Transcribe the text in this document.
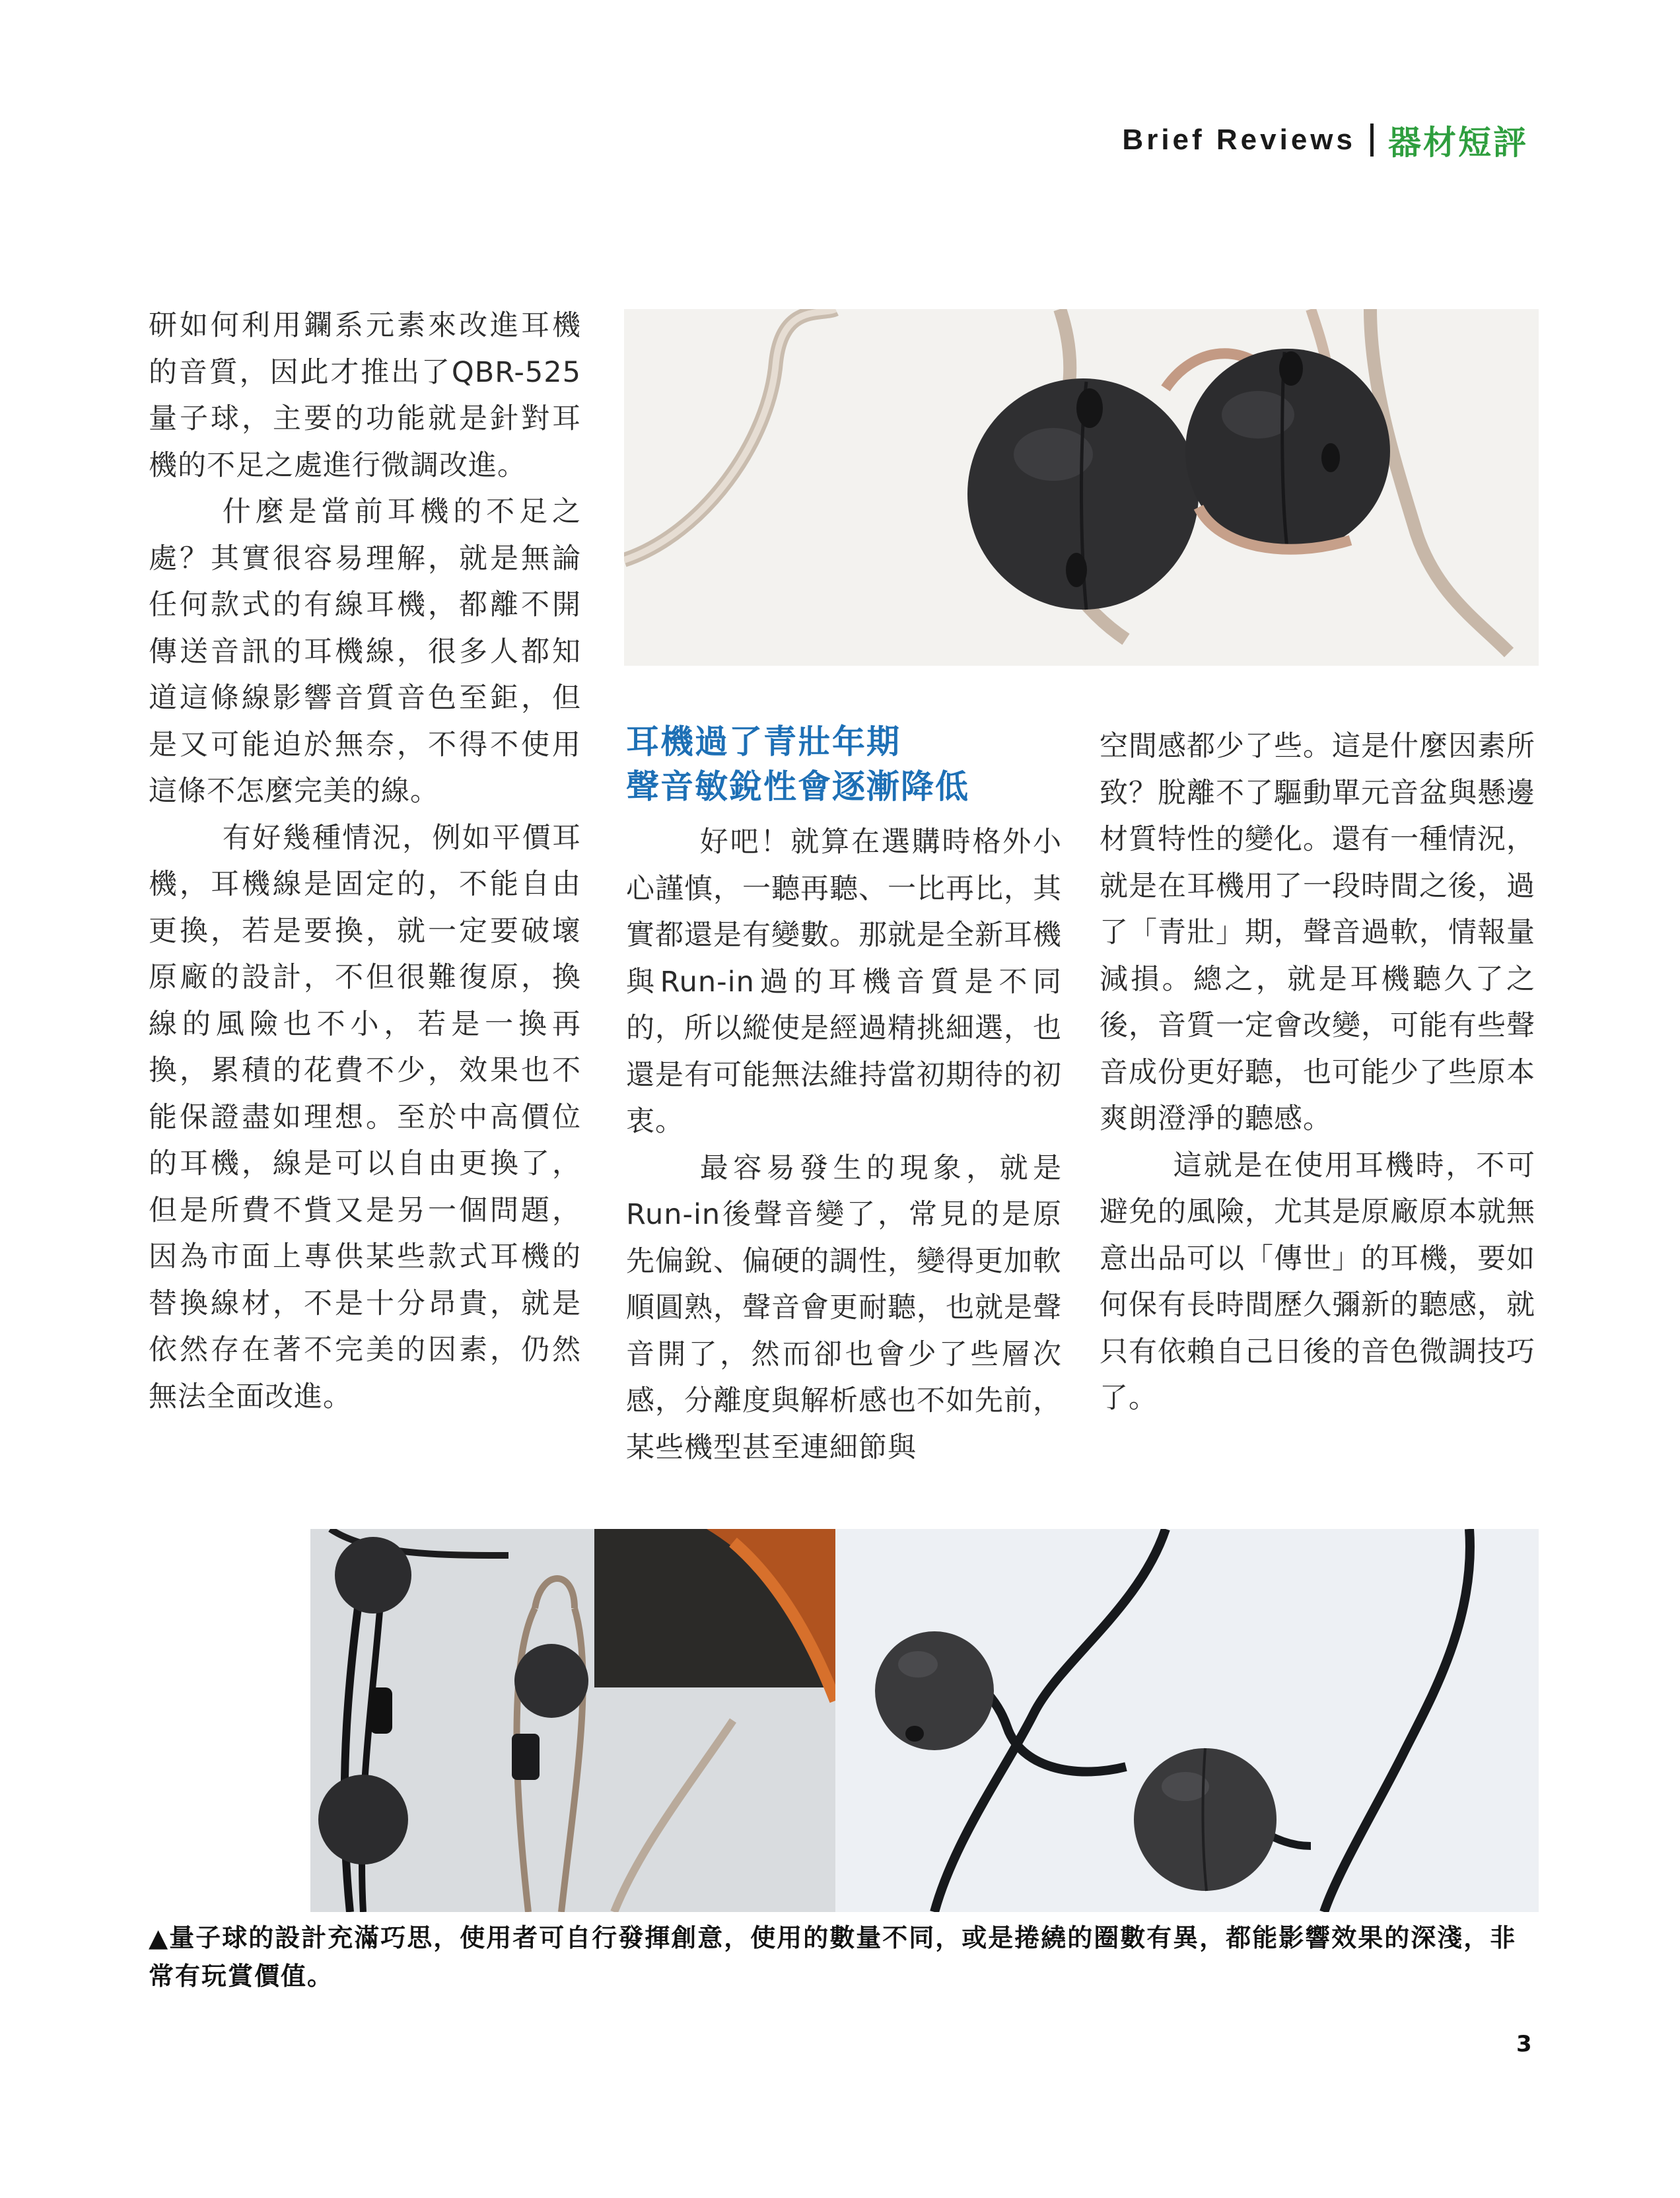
Brief Reviews 器材短評
耳機過了青壯年期
聲音敏銳性會逐漸降低

研如何利用鑭系元素來改進耳機的音質，因此才推出了QBR-525量子球，主要的功能就是針對耳機的不足之處進行微調改進。

什麼是當前耳機的不足之處？其實很容易理解，就是無論任何款式的有線耳機，都離不開傳送音訊的耳機線，很多人都知道這條線影響音質音色至鉅，但是又可能迫於無奈，不得不使用這條不怎麼完美的線。

有好幾種情況，例如平價耳機，耳機線是固定的，不能自由更換，若是要換，就一定要破壞原廠的設計，不但很難復原，換線的風險也不小，若是一換再換，累積的花費不少，效果也不能保證盡如理想。至於中高價位的耳機，線是可以自由更換了，但是所費不貲又是另一個問題，因為市面上專供某些款式耳機的替換線材，不是十分昂貴，就是依然存在著不完美的因素，仍然無法全面改進。

好吧！就算在選購時格外小心謹慎，一聽再聽、一比再比，其實都還是有變數。那就是全新耳機與Run-in過的耳機音質是不同的，所以縱使是經過精挑細選，也還是有可能無法維持當初期待的初衷。

最容易發生的現象，就是Run-in後聲音變了，常見的是原先偏銳、偏硬的調性，變得更加軟順圓熟，聲音會更耐聽，也就是聲音開了，然而卻也會少了些層次感，分離度與解析感也不如先前，某些機型甚至連細節與

空間感都少了些。這是什麼因素所致？脫離不了驅動單元音盆與懸邊材質特性的變化。還有一種情況，就是在耳機用了一段時間之後，過了「青壯」期，聲音過軟，情報量減損。總之，就是耳機聽久了之後，音質一定會改變，可能有些聲音成份更好聽，也可能少了些原本爽朗澄淨的聽感。

這就是在使用耳機時，不可避免的風險，尤其是原廠原本就無意出品可以「傳世」的耳機，要如何保有長時間歷久彌新的聽感，就只有依賴自己日後的音色微調技巧了。

▲量子球的設計充滿巧思，使用者可自行發揮創意，使用的數量不同，或是捲繞的圈數有異，都能影響效果的深淺，非常有玩賞價值。
3
